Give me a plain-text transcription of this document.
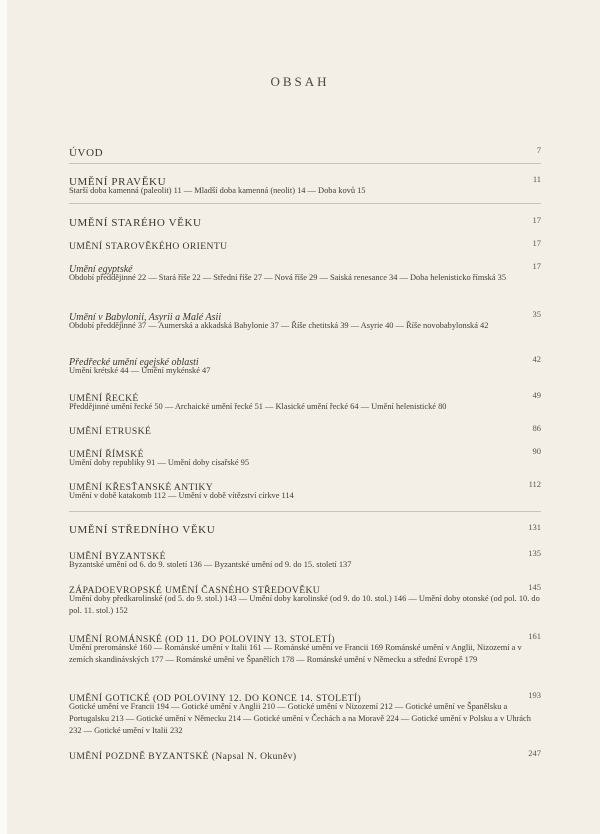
OBSAH
ÚVOD	7
UMĚNÍ PRAVĚKU	11
Starší doba kamenná (paleolit) 11 — Mladší doba kamenná (neolit) 14 — Doba kovů 15
UMĚNÍ STARÉHO VĚKU	17
UMĚNÍ STAROVĚKÉHO ORIENTU	17
Umění egyptské	17
Období předdějinné 22 — Stará říše 22 — Střední říše 27 — Nová říše 29 — Saiská renesance 34 — Doba helenisticko římská 35
Umění v Babylonii, Asyrii a Malé Asii	35
Období předdějinné 37 — Aumerská a akkadská Babylonie 37 — Říše chetitská 39 — Asyrie 40 — Říše novobabylonská 42
Předřecké umění egejské oblasti	42
Umění krétské 44 — Umění mykénské 47
UMĚNÍ ŘECKÉ	49
Předdějinné umění řecké 50 — Archaické umění řecké 51 — Klasické umění řecké 64 — Umění helenistické 80
UMĚNÍ ETRUSKÉ	86
UMĚNÍ ŘÍMSKÉ	90
Umění doby republiky 91 — Umění doby císařské 95
UMĚNÍ KŘESŤANSKÉ ANTIKY	112
Umění v době katakomb 112 — Umění v době vítězství církve 114
UMĚNÍ STŘEDNÍHO VĚKU	131
UMĚNÍ BYZANTSKÉ	135
Byzantské umění od 6. do 9. století 136 — Byzantské umění od 9. do 15. století 137
ZÁPADOEVROPSKÉ UMĚNÍ ČASNÉHO STŘEDOVĚKU	145
Umění doby předkarolinské (od 5. do 9. stol.) 143 — Umění doby karolinské (od 9. do 10. stol.) 146 — Umění doby otonské (od pol. 10. do pol. 11. stol.) 152
UMĚNÍ ROMÁNSKÉ (OD 11. DO POLOVINY 13. STOLETÍ)	161
Umění prerománské 160 — Románské umění v Italii 161 — Románské umění ve Francii 169 Románské umění v Anglii, Nizozemí a v zemích skandinávských 177 — Románské umění ve Španělích 178 — Románské umění v Německu a střední Evropě 179
UMĚNÍ GOTICKÉ (OD POLOVINY 12. DO KONCE 14. STOLETÍ)	193
Gotické umění ve Francii 194 — Gotické umění v Anglii 210 — Gotické umění v Nizozemí 212 — Gotické umění ve Španělsku a Portugalsku 213 — Gotické umění v Německu 214 — Gotické umění v Čechách a na Moravě 224 — Gotické umění v Polsku a v Uhrách 232 — Gotické umění v Italii 232
UMĚNÍ POZDNĚ BYZANTSKÉ (Napsal N. Okuněv)	247
